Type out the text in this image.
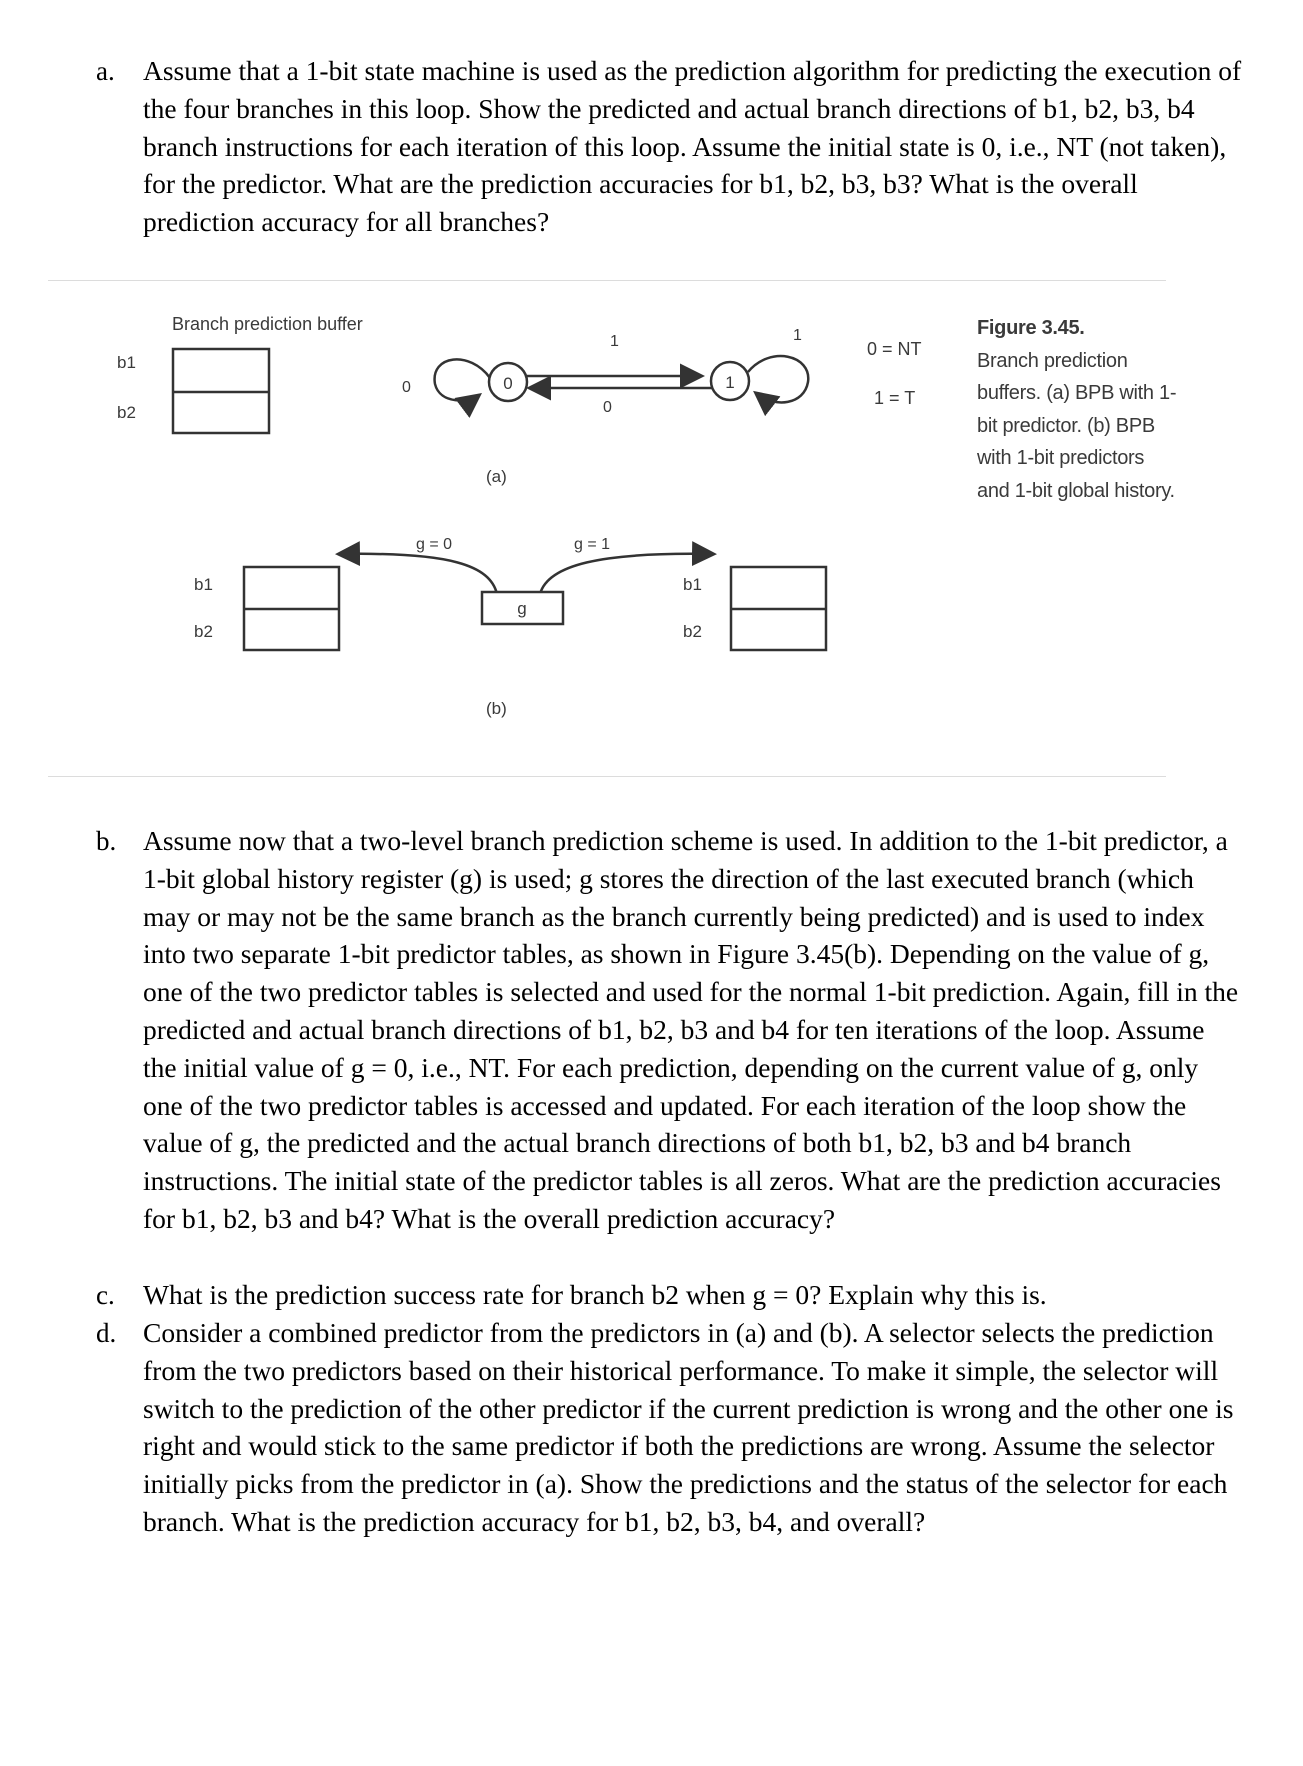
a. Assume that a 1-bit state machine is used as the prediction algorithm for predicting the execution of the four branches in this loop. Show the predicted and actual branch directions of b1, b2, b3, b4 branch instructions for each iteration of this loop. Assume the initial state is 0, i.e., NT (not taken), for the predictor. What are the prediction accuracies for b1, b2, b3, b3? What is the overall prediction accuracy for all branches?

Branch prediction buffer
b1
b2
0	0
1
0
1
1
0 = NT
1 = T
(a)
g = 0	g = 1
g
b1
b2
b1
b2
(b)
Figure 3.45.
Branch prediction buffers. (a) BPB with 1-bit predictor. (b) BPB with 1-bit predictors and 1-bit global history.
b. Assume now that a two-level branch prediction scheme is used. In addition to the 1-bit predictor, a 1-bit global history register (g) is used; g stores the direction of the last executed branch (which may or may not be the same branch as the branch currently being predicted) and is used to index into two separate 1-bit predictor tables, as shown in Figure 3.45(b). Depending on the value of g, one of the two predictor tables is selected and used for the normal 1-bit prediction. Again, fill in the predicted and actual branch directions of b1, b2, b3 and b4 for ten iterations of the loop. Assume the initial value of g = 0, i.e., NT. For each prediction, depending on the current value of g, only one of the two predictor tables is accessed and updated. For each iteration of the loop show the value of g, the predicted and the actual branch directions of both b1, b2, b3 and b4 branch instructions. The initial state of the predictor tables is all zeros. What are the prediction accuracies for b1, b2, b3 and b4? What is the overall prediction accuracy?

c. What is the prediction success rate for branch b2 when g = 0? Explain why this is.

d. Consider a combined predictor from the predictors in (a) and (b). A selector selects the prediction from the two predictors based on their historical performance. To make it simple, the selector will switch to the prediction of the other predictor if the current prediction is wrong and the other one is right and would stick to the same predictor if both the predictions are wrong. Assume the selector initially picks from the predictor in (a). Show the predictions and the status of the selector for each branch. What is the prediction accuracy for b1, b2, b3, b4, and overall?
